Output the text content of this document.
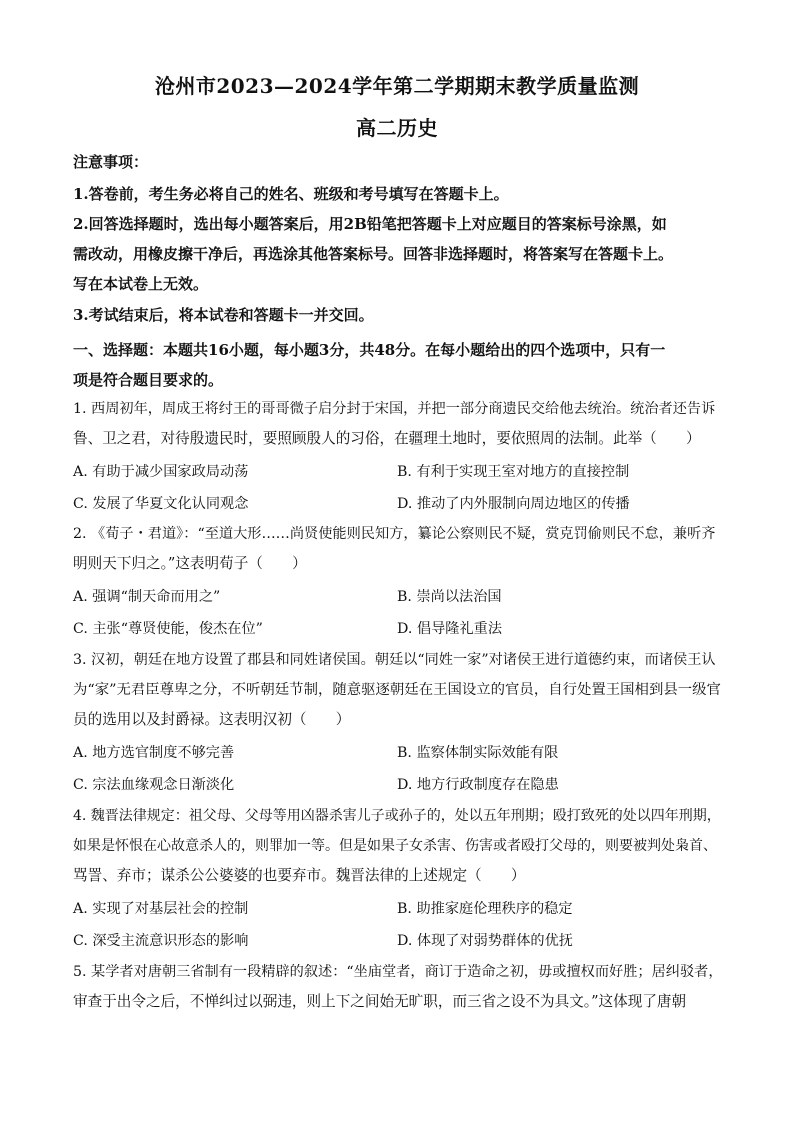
沧州市2023—2024学年第二学期期末教学质量监测
高二历史
注意事项：
1.答卷前，考生务必将自己的姓名、班级和考号填写在答题卡上。
2.回答选择题时，选出每小题答案后，用2B铅笔把答题卡上对应题目的答案标号涂黑，如
需改动，用橡皮擦干净后，再选涂其他答案标号。回答非选择题时，将答案写在答题卡上。
写在本试卷上无效。
3.考试结束后，将本试卷和答题卡一并交回。
一、选择题：本题共16小题，每小题3分，共48分。在每小题给出的四个选项中，只有一
项是符合题目要求的。
1. 西周初年，周成王将纣王的哥哥微子启分封于宋国，并把一部分商遗民交给他去统治。统治者还告诉
鲁、卫之君，对待殷遗民时，要照顾殷人的习俗，在疆理土地时，要依照周的法制。此举（　　）
A. 有助于减少国家政局动荡	B. 有利于实现王室对地方的直接控制
C. 发展了华夏文化认同观念	D. 推动了内外服制向周边地区的传播
2. 《荀子・君道》：“至道大形……尚贤使能则民知方，纂论公察则民不疑，赏克罚偷则民不怠，兼听齐
明则天下归之。”这表明荀子（　　）
A. 强调“制天命而用之”	B. 崇尚以法治国
C. 主张“尊贤使能，俊杰在位”	D. 倡导隆礼重法
3. 汉初，朝廷在地方设置了郡县和同姓诸侯国。朝廷以“同姓一家”对诸侯王进行道德约束，而诸侯王认
为“家”无君臣尊卑之分，不听朝廷节制，随意驱逐朝廷在王国设立的官员，自行处置王国相到县一级官
员的选用以及封爵禄。这表明汉初（　　）
A. 地方选官制度不够完善	B. 监察体制实际效能有限
C. 宗法血缘观念日渐淡化	D. 地方行政制度存在隐患
4. 魏晋法律规定：祖父母、父母等用凶器杀害儿子或孙子的，处以五年刑期；殴打致死的处以四年刑期，
如果是怀恨在心故意杀人的，则罪加一等。但是如果子女杀害、伤害或者殴打父母的，则要被判处枭首、
骂詈、弃市；谋杀公公婆婆的也要弃市。魏晋法律的上述规定（　　）
A. 实现了对基层社会的控制	B. 助推家庭伦理秩序的稳定
C. 深受主流意识形态的影响	D. 体现了对弱势群体的优抚
5. 某学者对唐朝三省制有一段精辟的叙述：“坐庙堂者，商订于造命之初，毋或擅权而好胜；居纠驳者，
审查于出令之后，不惮纠过以弼违，则上下之间始无旷职，而三省之设不为具文。”这体现了唐朝
